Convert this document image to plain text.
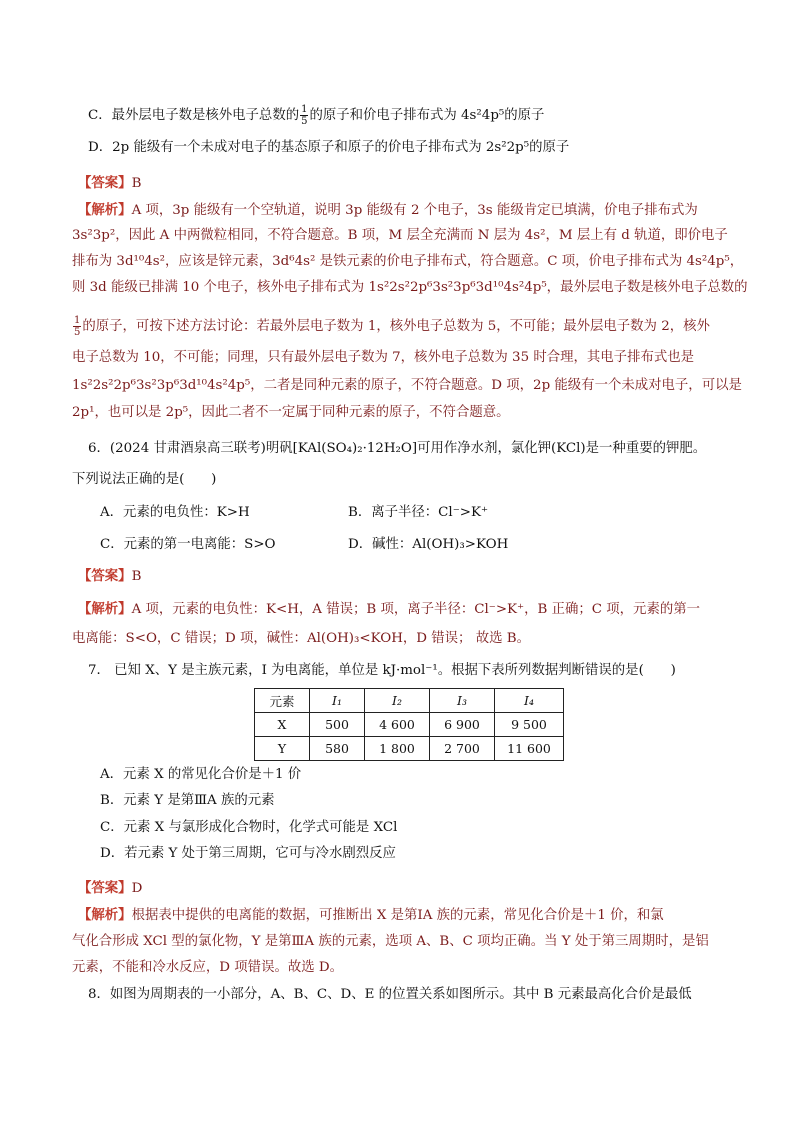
C．最外层电子数是核外电子总数的 $\frac{1}{5}$ 的原子和价电子排布式为 4s²4p⁵的原子
D．2p 能级有一个未成对电子的基态原子和原子的价电子排布式为 2s²2p⁵的原子
【答案】B
【解析】A 项，3p 能级有一个空轨道，说明 3p 能级有 2 个电子，3s 能级肯定已填满，价电子排布式为
3s²3p²，因此 A 中两微粒相同，不符合题意。B 项，M 层全充满而 N 层为 4s²，M 层上有 d 轨道，即价电子
排布为 3d¹⁰4s²，应该是锌元素，3d⁶4s² 是铁元素的价电子排布式，符合题意。C 项，价电子排布式为 4s²4p⁵，
则 3d 能级已排满 10 个电子，核外电子排布式为 1s²2s²2p⁶3s²3p⁶3d¹⁰4s²4p⁵，最外层电子数是核外电子总数的
$\frac{1}{5}$ 的原子，可按下述方法讨论：若最外层电子数为 1，核外电子总数为 5，不可能；最外层电子数为 2，核外
电子总数为 10，不可能；同理，只有最外层电子数为 7，核外电子总数为 35 时合理，其电子排布式也是
1s²2s²2p⁶3s²3p⁶3d¹⁰4s²4p⁵，二者是同种元素的原子，不符合题意。D 项，2p 能级有一个未成对电子，可以是
2p¹，也可以是 2p⁵，因此二者不一定属于同种元素的原子，不符合题意。
6．(2024 甘肃酒泉高三联考)明矾[KAl(SO₄)₂·12H₂O]可用作净水剂，氯化钾(KCl)是一种重要的钾肥。
下列说法正确的是(　　)
A．元素的电负性：K>H	B．离子半径：Cl⁻>K⁺
C．元素的第一电离能：S>O	D．碱性：Al(OH)₃>KOH
【答案】B
【解析】A 项，元素的电负性：K<H，A 错误；B 项，离子半径：Cl⁻>K⁺，B 正确；C 项，元素的第一
电离能：S<O，C 错误；D 项，碱性：Al(OH)₃<KOH，D 错误； 故选 B。
7． 已知 X、Y 是主族元素，I 为电离能，单位是 kJ·mol⁻¹。根据下表所列数据判断错误的是(　　)
元素	I₁	I₂	I₃	I₄
X	500	4 600	6 900	9 500
Y	580	1 800	2 700	11 600
A．元素 X 的常见化合价是＋1 价
B．元素 Y 是第ⅢA 族的元素
C．元素 X 与氯形成化合物时，化学式可能是 XCl
D．若元素 Y 处于第三周期，它可与冷水剧烈反应
【答案】D
【解析】根据表中提供的电离能的数据，可推断出 X 是第ⅠA 族的元素，常见化合价是＋1 价，和氯
气化合形成 XCl 型的氯化物，Y 是第ⅢA 族的元素，选项 A、B、C 项均正确。当 Y 处于第三周期时，是铝
元素，不能和冷水反应，D 项错误。故选 D。
8．如图为周期表的一小部分，A、B、C、D、E 的位置关系如图所示。其中 B 元素最高化合价是最低
